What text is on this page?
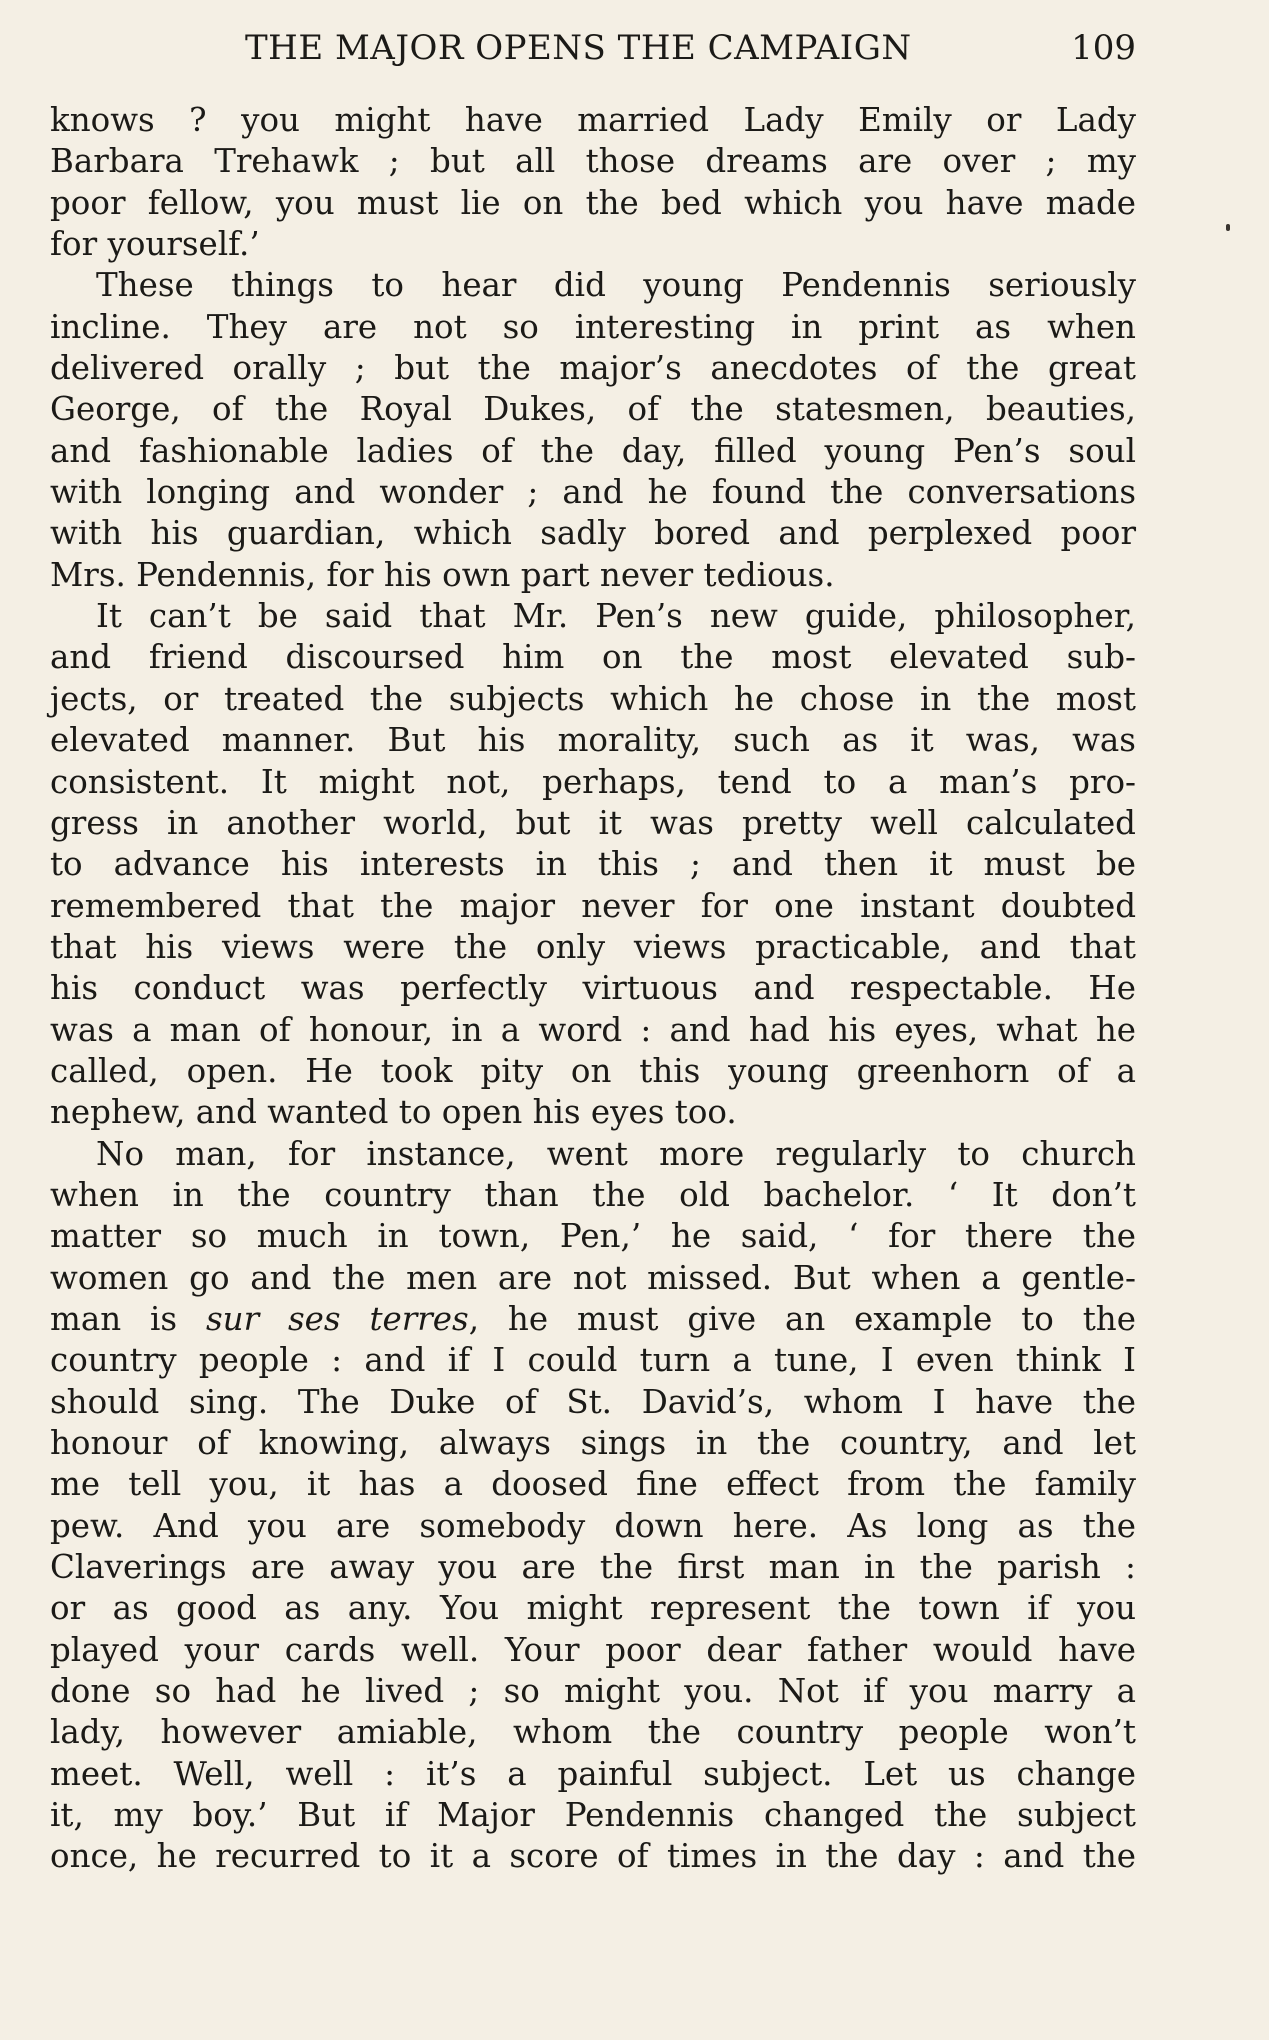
THE MAJOR OPENS THE CAMPAIGN	109
knows ? you might have married Lady Emily or Lady
Barbara Trehawk ; but all those dreams are over ; my
poor fellow, you must lie on the bed which you have made
for yourself.’
These things to hear did young Pendennis seriously
incline. They are not so interesting in print as when
delivered orally ; but the major’s anecdotes of the great
George, of the Royal Dukes, of the statesmen, beauties,
and fashionable ladies of the day, filled young Pen’s soul
with longing and wonder ; and he found the conversations
with his guardian, which sadly bored and perplexed poor
Mrs. Pendennis, for his own part never tedious.
It can’t be said that Mr. Pen’s new guide, philosopher,
and friend discoursed him on the most elevated sub-
jects, or treated the subjects which he chose in the most
elevated manner. But his morality, such as it was, was
consistent. It might not, perhaps, tend to a man’s pro-
gress in another world, but it was pretty well calculated
to advance his interests in this ; and then it must be
remembered that the major never for one instant doubted
that his views were the only views practicable, and that
his conduct was perfectly virtuous and respectable. He
was a man of honour, in a word : and had his eyes, what he
called, open. He took pity on this young greenhorn of a
nephew, and wanted to open his eyes too.
No man, for instance, went more regularly to church
when in the country than the old bachelor. ‘ It don’t
matter so much in town, Pen,’ he said, ‘ for there the
women go and the men are not missed. But when a gentle-
man is sur ses terres, he must give an example to the
country people : and if I could turn a tune, I even think I
should sing. The Duke of St. David’s, whom I have the
honour of knowing, always sings in the country, and let
me tell you, it has a doosed fine effect from the family
pew. And you are somebody down here. As long as the
Claverings are away you are the first man in the parish :
or as good as any. You might represent the town if you
played your cards well. Your poor dear father would have
done so had he lived ; so might you. Not if you marry a
lady, however amiable, whom the country people won’t
meet. Well, well : it’s a painful subject. Let us change
it, my boy.’ But if Major Pendennis changed the subject
once, he recurred to it a score of times in the day : and the
